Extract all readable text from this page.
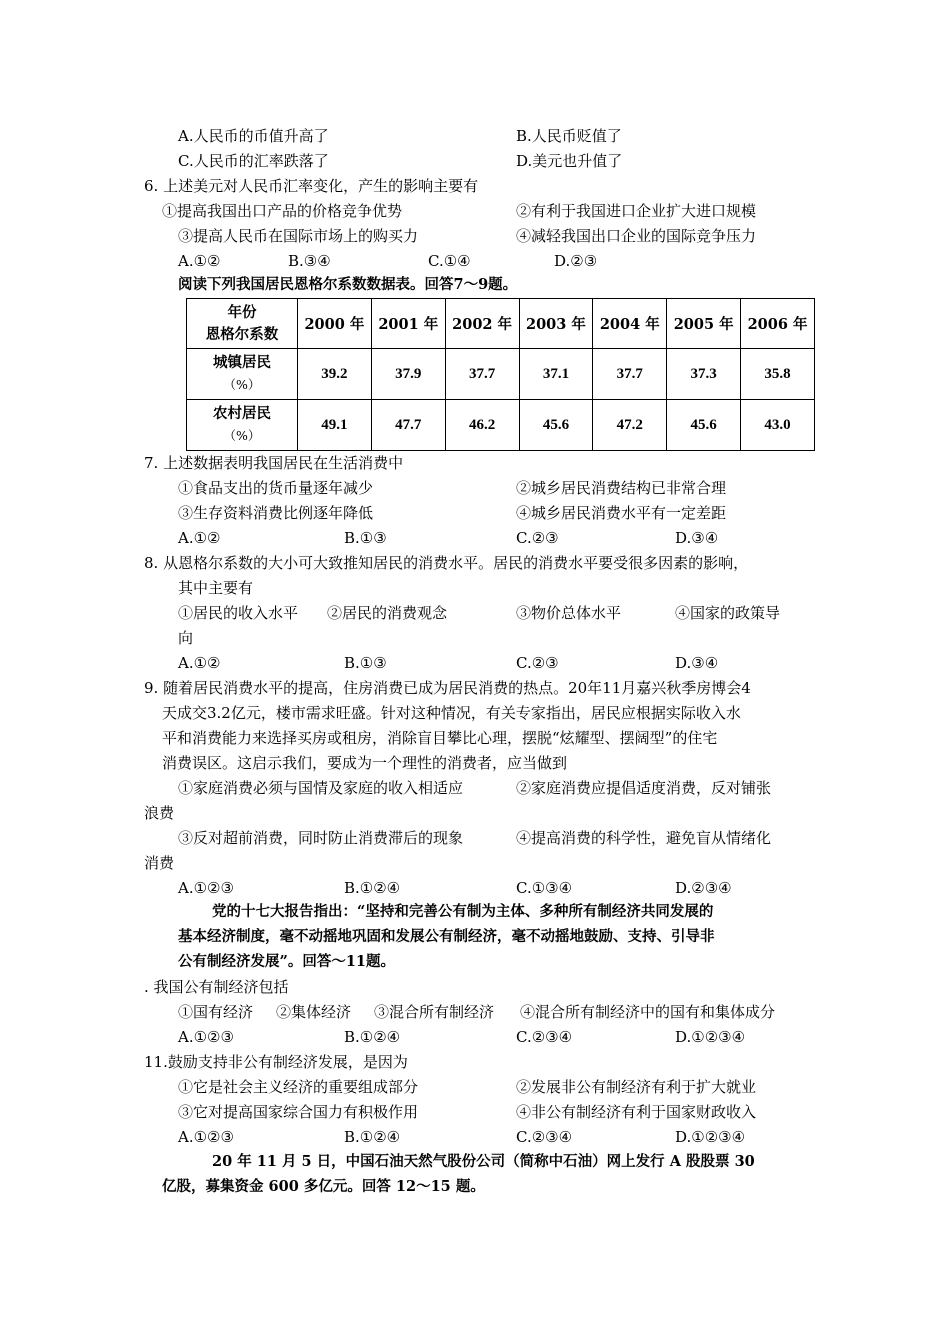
A.人民币的币值升高了	B.人民币贬值了
C.人民币的汇率跌落了	D.美元也升值了
6. 上述美元对人民币汇率变化，产生的影响主要有
①提高我国出口产品的价格竞争优势	②有利于我国进口企业扩大进口规模
③提高人民币在国际市场上的购买力	④减轻我国出口企业的国际竞争压力
A.①②	B.③④	C.①④	D.②③
阅读下列我国居民恩格尔系数数据表。回答7～9题。
年份
恩格尔系数	2000 年	2001 年	2002 年	2003 年	2004 年	2005 年	2006 年
城镇居民
（%）	39.2	37.9	37.7	37.1	37.7	37.3	35.8
农村居民
（%）	49.1	47.7	46.2	45.6	47.2	45.6	43.0
7. 上述数据表明我国居民在生活消费中
①食品支出的货币量逐年减少	②城乡居民消费结构已非常合理
③生存资料消费比例逐年降低	④城乡居民消费水平有一定差距
A.①②	B.①③	C.②③	D.③④
8. 从恩格尔系数的大小可大致推知居民的消费水平。居民的消费水平要受很多因素的影响，
其中主要有
①居民的收入水平 ②居民的消费观念	③物价总体水平	④国家的政策导
向
A.①②	B.①③	C.②③	D.③④
9. 随着居民消费水平的提高，住房消费已成为居民消费的热点。20年11月嘉兴秋季房博会4
天成交3.2亿元，楼市需求旺盛。针对这种情况，有关专家指出，居民应根据实际收入水
平和消费能力来选择买房或租房，消除盲目攀比心理，摆脱“炫耀型、摆阔型”的住宅
消费误区。这启示我们，要成为一个理性的消费者，应当做到
①家庭消费必须与国情及家庭的收入相适应	②家庭消费应提倡适度消费，反对铺张
浪费
③反对超前消费，同时防止消费滞后的现象	④提高消费的科学性，避免盲从情绪化
消费
A.①②③	B.①②④	C.①③④	D.②③④
党的十七大报告指出：“坚持和完善公有制为主体、多种所有制经济共同发展的
基本经济制度，毫不动摇地巩固和发展公有制经济，毫不动摇地鼓励、支持、引导非
公有制经济发展”。回答～11题。
. 我国公有制经济包括
①国有经济 ②集体经济 ③混合所有制经济 ④混合所有制经济中的国有和集体成分
A.①②③	B.①②④	C.②③④	D.①②③④
11.鼓励支持非公有制经济发展，是因为
①它是社会主义经济的重要组成部分	②发展非公有制经济有利于扩大就业
③它对提高国家综合国力有积极作用	④非公有制经济有利于国家财政收入
A.①②③	B.①②④	C.②③④	D.①②③④
20 年 11 月 5 日，中国石油天然气股份公司（简称中石油）网上发行 A 股股票 30
亿股，募集资金 600 多亿元。回答 12～15 题。
